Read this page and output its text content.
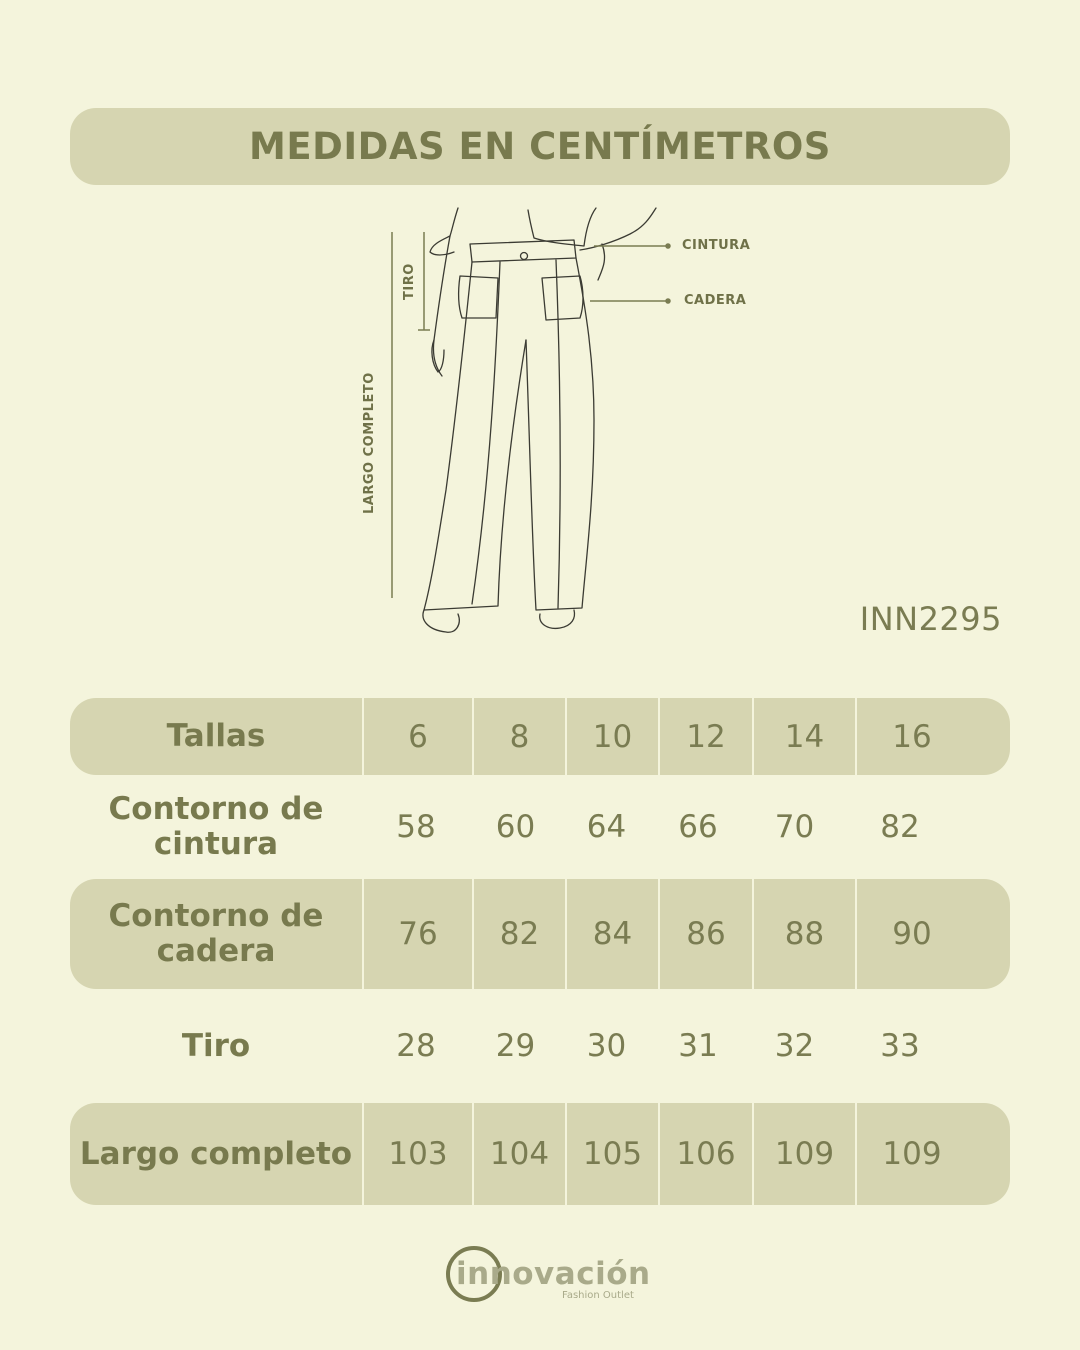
MEDIDAS EN CENTÍMETROS
CINTURA
CADERA
TIRO
LARGO COMPLETO
INN2295
Tallas	6	8	10	12	14	16
Contorno de cintura	58	60	64	66	70	82
Contorno de cadera	76	82	84	86	88	90
Tiro	28	29	30	31	32	33
Largo completo	103	104	105	106	109	109
innovación
Fashion Outlet
